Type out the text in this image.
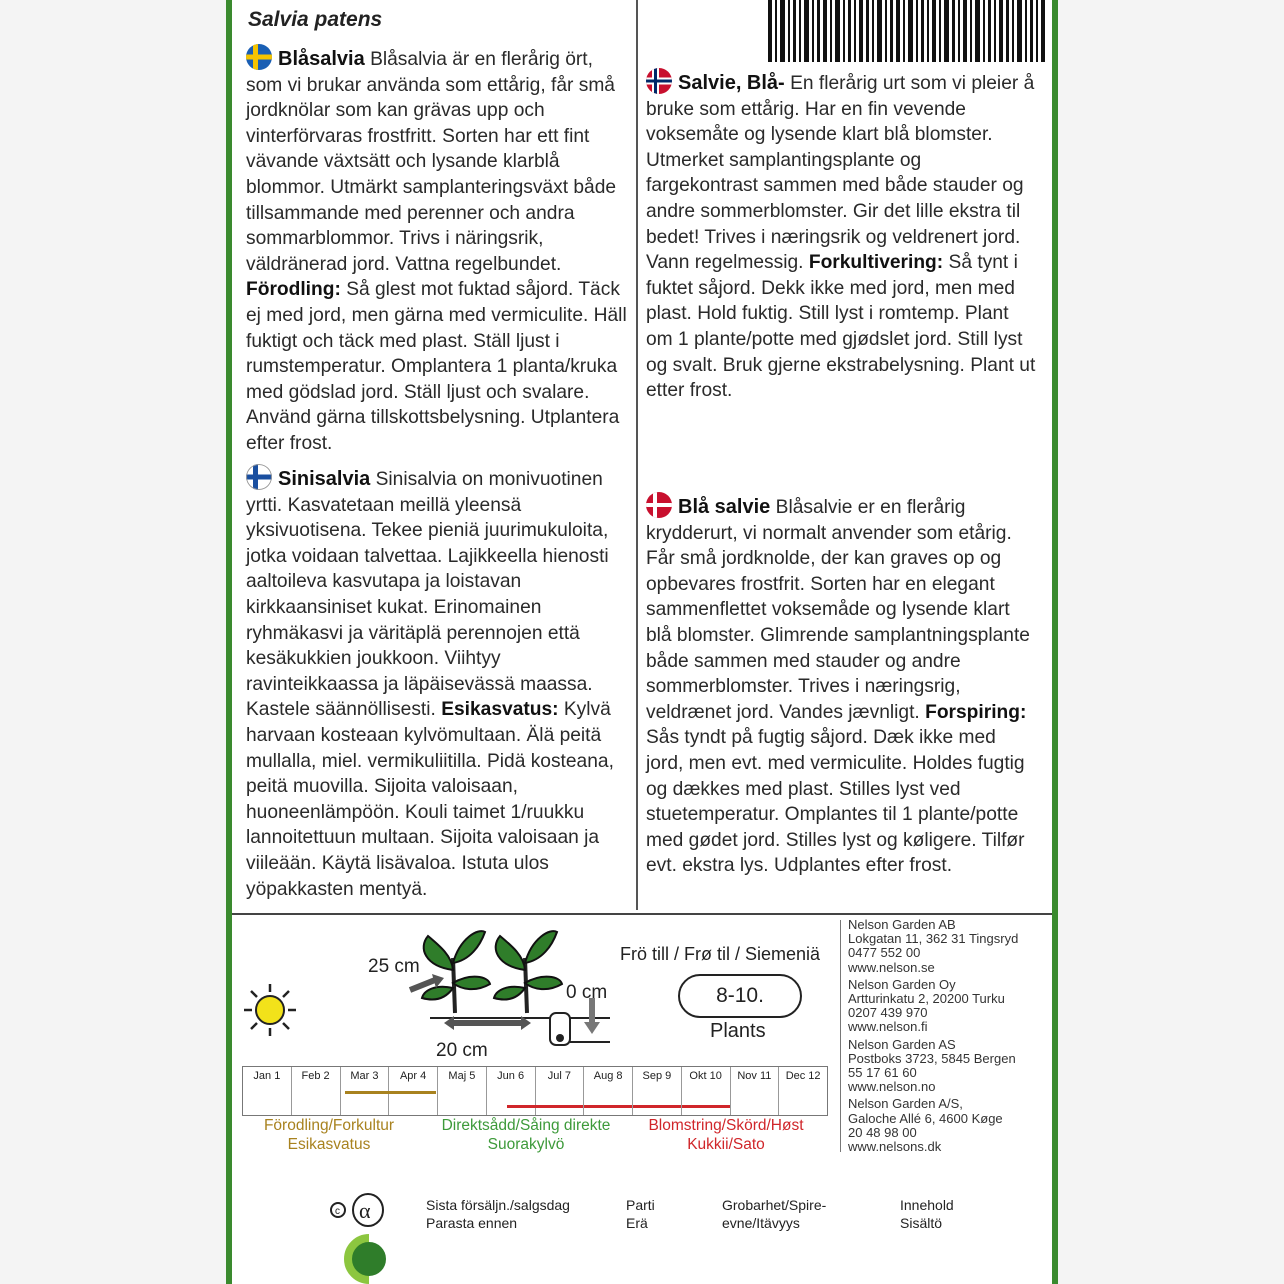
Salvia patens

Blåsalvia Blåsalvia är en flerårig ört, som vi brukar använda som ettårig, får små jordknölar som kan grävas upp och vinterförvaras frostfritt. Sorten har ett fint vävande växtsätt och lysande klarblå blommor. Utmärkt samplanteringsväxt både tillsammande med perenner och andra sommarblommor. Trivs i näringsrik, väldränerad jord. Vattna regelbundet. Förodling: Så glest mot fuktad såjord. Täck ej med jord, men gärna med vermiculite. Häll fuktigt och täck med plast. Ställ ljust i rumstemperatur. Omplantera 1 planta/kruka med gödslad jord. Ställ ljust och svalare. Använd gärna tillskottsbelysning. Utplantera efter frost.

Sinisalvia Sinisalvia on monivuotinen yrtti. Kasvatetaan meillä yleensä yksivuotisena. Tekee pieniä juurimukuloita, jotka voidaan talvettaa. Lajikkeella hienosti aaltoileva kasvutapa ja loistavan kirkkaansiniset kukat. Erinomainen ryhmäkasvi ja väritäplä perennojen että kesäkukkien joukkoon. Viihtyy ravinteikkaassa ja läpäisevässä maassa. Kastele säännöllisesti. Esikasvatus: Kylvä harvaan kosteaan kylvömultaan. Älä peitä mullalla, miel. vermikuliitilla. Pidä kosteana, peitä muovilla. Sijoita valoisaan, huoneenlämpöön. Kouli taimet 1/ruukku lannoitettuun multaan. Sijoita valoisaan ja viileään. Käytä lisävaloa. Istuta ulos yöpakkasten mentyä.

Salvie, Blå- En flerårig urt som vi pleier å bruke som ettårig. Har en fin vevende voksemåte og lysende klart blå blomster. Utmerket samplantingsplante og fargekontrast sammen med både stauder og andre sommerblomster. Gir det lille ekstra til bedet! Trives i næringsrik og veldrenert jord. Vann regelmessig. Forkultivering: Så tynt i fuktet såjord. Dekk ikke med jord, men med plast. Hold fuktig. Still lyst i romtemp. Plant om 1 plante/potte med gjødslet jord. Still lyst og svalt. Bruk gjerne ekstrabelysning. Plant ut etter frost.

Blå salvie Blåsalvie er en flerårig krydderurt, vi normalt anvender som etårig. Får små jordknolde, der kan graves op og opbevares frostfrit. Sorten har en elegant sammenflettet voksemåde og lysende klart blå blomster. Glimrende samplantningsplante både sammen med stauder og andre sommerblomster. Trives i næringsrig, veldrænet jord. Vandes jævnligt. Forspiring: Sås tyndt på fugtig såjord. Dæk ikke med jord, men evt. med vermiculite. Holdes fugtig og dækkes med plast. Stilles lyst ved stuetemperatur. Omplantes til 1 plante/potte med gødet jord. Stilles lyst og køligere. Tilfør evt. ekstra lys. Udplantes efter frost.

25 cm
20 cm
0 cm
Frö till / Frø til / Siemeniä
8-10.
Plants
Jan 1	Feb 2	Mar 3	Apr 4	Maj 5	Jun 6	Jul 7	Aug 8	Sep 9	Okt 10	Nov 11	Dec 12
Förodling/Forkultur
Esikasvatus
Direktsådd/Såing direkte
Suorakylvö
Blomstring/Skörd/Høst
Kukkii/Sato
Nelson Garden AB
Lokgatan 11, 362 31 Tingsryd
0477 552 00
www.nelson.se
Nelson Garden Oy
Artturinkatu 2, 20200 Turku
0207 439 970
www.nelson.fi
Nelson Garden AS
Postboks 3723, 5845 Bergen
55 17 61 60
www.nelson.no
Nelson Garden A/S,
Galoche Allé 6, 4600 Køge
20 48 98 00
www.nelsons.dk
c α	Sista försäljn./salgsdag
Parasta ennen
Parti
Erä
Grobarhet/Spire-
evne/Itävyys
Innehold
Sisältö
